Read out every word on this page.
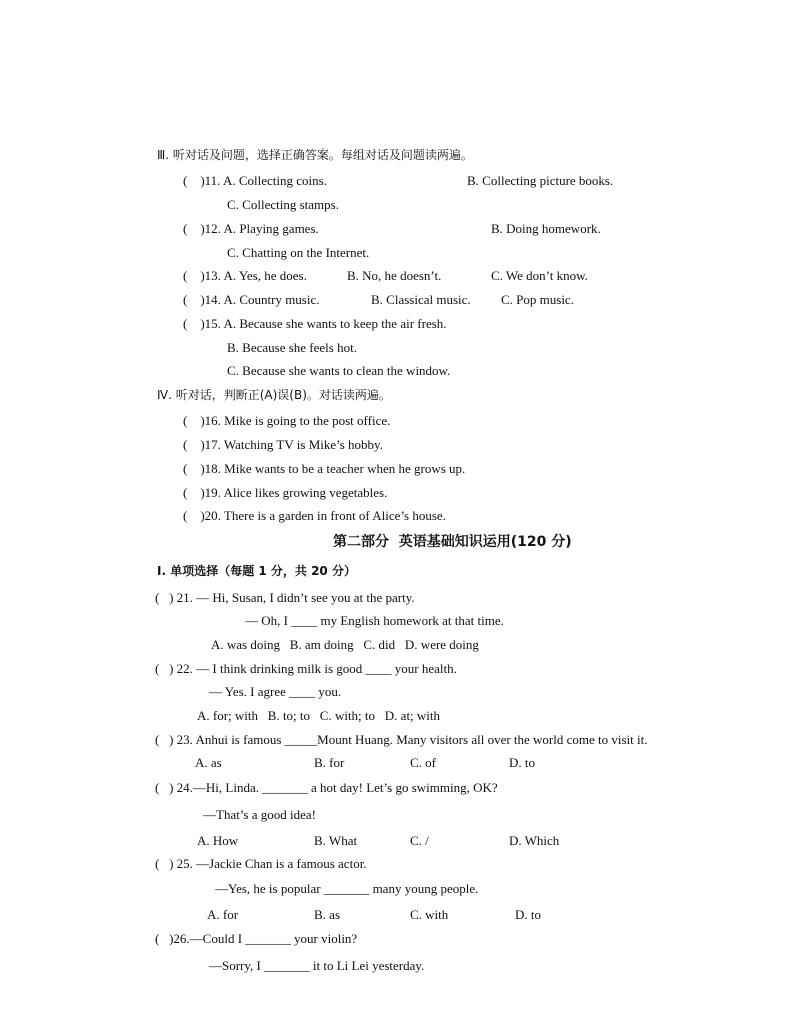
Ⅲ. 听对话及问题，选择正确答案。每组对话及问题读两遍。
(    )11. A. Collecting coins.	B. Collecting picture books.
C. Collecting stamps.
(    )12. A. Playing games.	B. Doing homework.
C. Chatting on the Internet.
(    )13. A. Yes, he does.	B. No, he doesn’t.	C. We don’t know.
(    )14. A. Country music.	B. Classical music. C. Pop music.
(    )15. A. Because she wants to keep the air fresh.
B. Because she feels hot.
C. Because she wants to clean the window.
Ⅳ. 听对话，判断正(A)误(B)。对话读两遍。
(    )16. Mike is going to the post office.
(    )17. Watching TV is Mike’s hobby.
(    )18. Mike wants to be a teacher when he grows up.
(    )19. Alice likes growing vegetables.
(    )20. There is a garden in front of Alice’s house.
第二部分  英语基础知识运用(120 分)
Ⅰ. 单项选择（每题 1 分，共 20 分）
(   ) 21. — Hi, Susan, I didn’t see you at the party.
— Oh, I ____ my English homework at that time.
A. was doing   B. am doing   C. did   D. were doing
(   ) 22. — I think drinking milk is good ____ your health.
— Yes. I agree ____ you.
A. for; with   B. to; to   C. with; to   D. at; with
(   ) 23. Anhui is famous _____Mount Huang. Many visitors all over the world come to visit it.
A. as	B. for	C. of	D. to
(   ) 24.—Hi, Linda. _______ a hot day! Let’s go swimming, OK?
—That’s a good idea!
A. How	B. What	C. /	D. Which
(   ) 25. —Jackie Chan is a famous actor.
—Yes, he is popular _______ many young people.
A. for	B. as	C. with	D. to
(   )26.—Could I _______ your violin?
—Sorry, I _______ it to Li Lei yesterday.
